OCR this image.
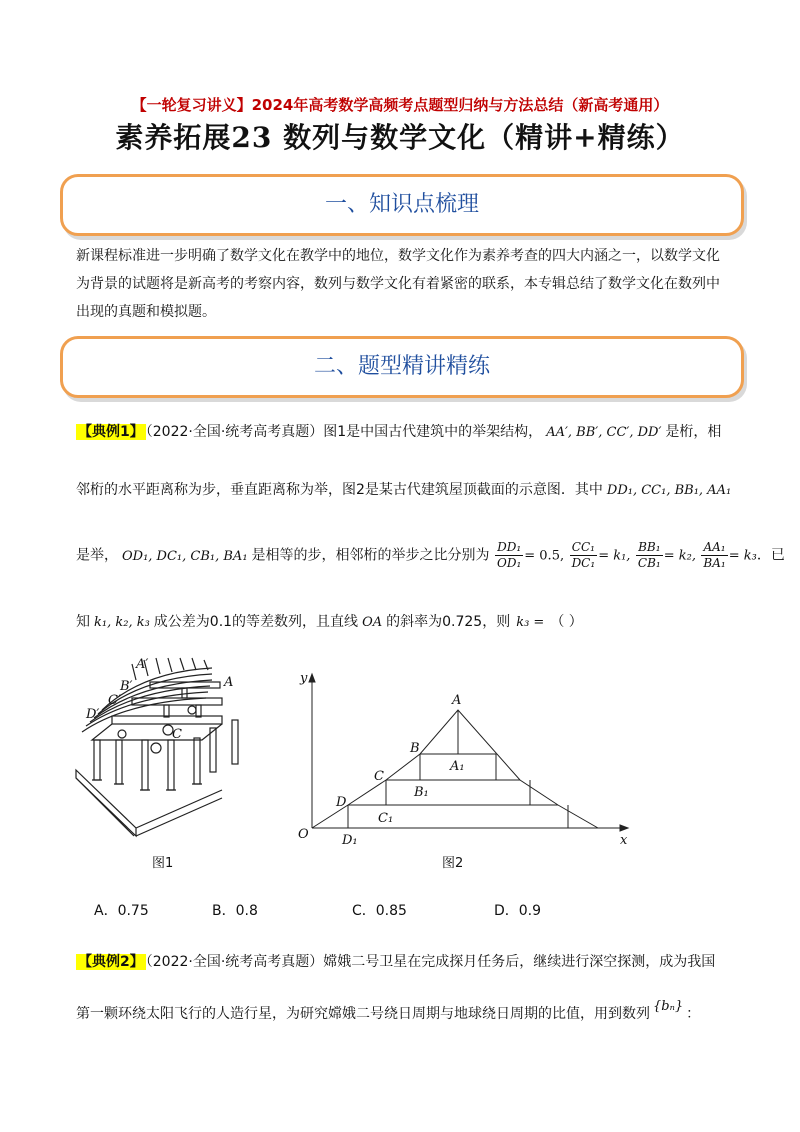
【一轮复习讲义】2024年高考数学高频考点题型归纳与方法总结（新高考通用）
素养拓展23 数列与数学文化（精讲+精练）
一、知识点梳理
新课程标准进一步明确了数学文化在教学中的地位，数学文化作为素养考查的四大内涵之一，以数学文化
为背景的试题将是新高考的考察内容，数列与数学文化有着紧密的联系，本专辑总结了数学文化在数列中
出现的真题和模拟题。
二、题型精讲精练
【典例1】 （2022·全国·统考高考真题）图1是中国古代建筑中的举架结构， AA′, BB′, CC′, DD′ 是桁，相
邻桁的水平距离称为步，垂直距离称为举，图2是某古代建筑屋顶截面的示意图．其中 DD₁, CC₁, BB₁, AA₁
是举， OD₁, DC₁, CB₁, BA₁ 是相等的步，相邻桁的举步之比分别为 $\frac{\text{DD₁}}{\text{OD₁}} = 0.5$, $\frac{\text{CC₁}}{\text{DC₁}} = k_1$, $\frac{\text{BB₁}}{\text{CB₁}} = k_2$, $\frac{\text{AA₁}}{\text{BA₁}} = k_3$．已
知 k₁, k₂, k₃ 成公差为0.1的等差数列，且直线 OA 的斜率为0.725，则 k₃ = （ ）
A′
B′
C′
D′
A
C
y
x
O
A
B
C
D
A₁
B₁
C₁
D₁
图1	图2
A．0.75	B．0.8	C．0.85	D．0.9
【典例2】 （2022·全国·统考高考真题）嫦娥二号卫星在完成探月任务后，继续进行深空探测，成为我国
第一颗环绕太阳飞行的人造行星，为研究嫦娥二号绕日周期与地球绕日周期的比值，用到数列 {bₙ} ：
